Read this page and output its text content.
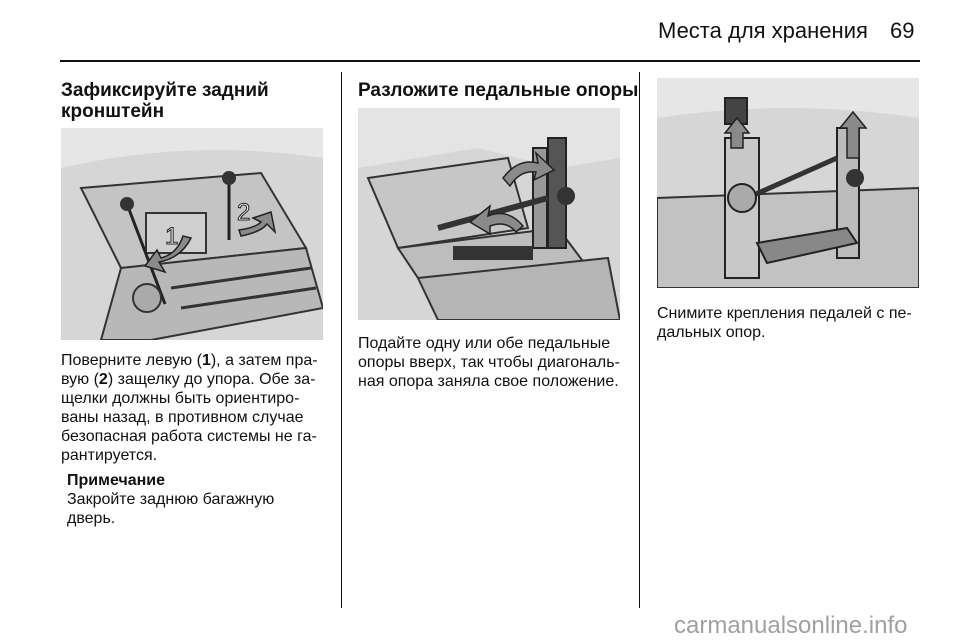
Места для хранения 69
Зафиксируйте задний
кронштейн
1
2
Поверните левую (1), а затем пра-
вую (2) защелку до упора. Обе за-
щелки должны быть ориентиро-
ваны назад, в противном случае
безопасная работа системы не га-
рантируется.
Примечание
Закройте заднюю багажную
дверь.
Разложите педальные опоры
Подайте одну или обе педальные
опоры вверх, так чтобы диагональ-
ная опора заняла свое положение.
Снимите крепления педалей с пе-
дальных опор.
carmanualsonline.info
